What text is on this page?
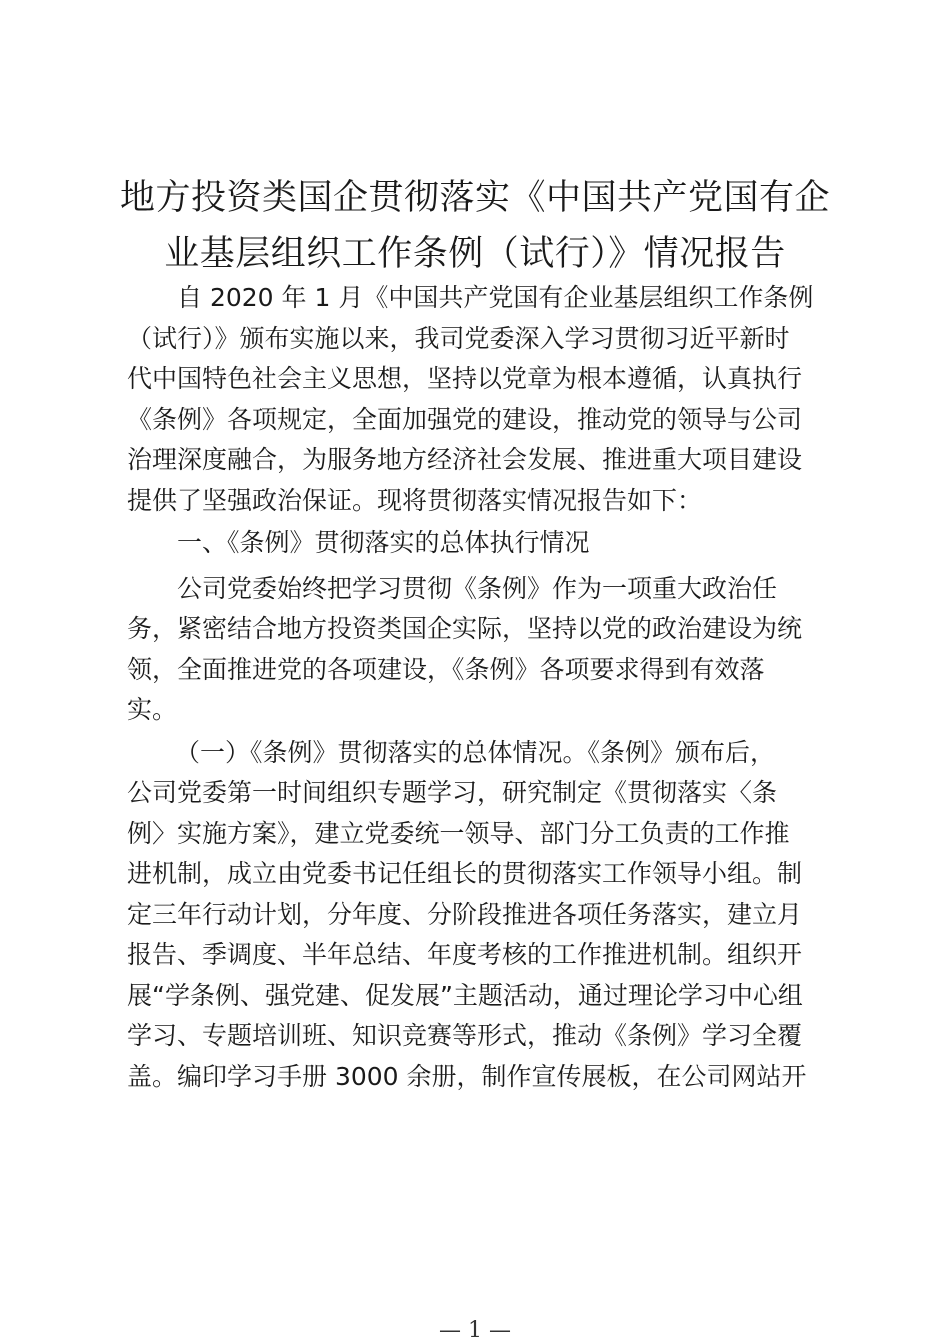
地方投资类国企贯彻落实《中国共产党国有企
业基层组织工作条例（试行）》情况报告

自 2020 年 1 月《中国共产党国有企业基层组织工作条例
（试行）》颁布实施以来，我司党委深入学习贯彻习近平新时
代中国特色社会主义思想，坚持以党章为根本遵循，认真执行
《条例》各项规定，全面加强党的建设，推动党的领导与公司
治理深度融合，为服务地方经济社会发展、推进重大项目建设
提供了坚强政治保证。现将贯彻落实情况报告如下：

一、《条例》贯彻落实的总体执行情况

公司党委始终把学习贯彻《条例》作为一项重大政治任
务，紧密结合地方投资类国企实际，坚持以党的政治建设为统
领，全面推进党的各项建设，《条例》各项要求得到有效落
实。

（一）《条例》贯彻落实的总体情况。《条例》颁布后，
公司党委第一时间组织专题学习，研究制定《贯彻落实〈条
例〉实施方案》，建立党委统一领导、部门分工负责的工作推
进机制，成立由党委书记任组长的贯彻落实工作领导小组。制
定三年行动计划，分年度、分阶段推进各项任务落实，建立月
报告、季调度、半年总结、年度考核的工作推进机制。组织开
展“学条例、强党建、促发展”主题活动，通过理论学习中心组
学习、专题培训班、知识竞赛等形式，推动《条例》学习全覆
盖。编印学习手册 3000 余册，制作宣传展板，在公司网站开

— 1 —
